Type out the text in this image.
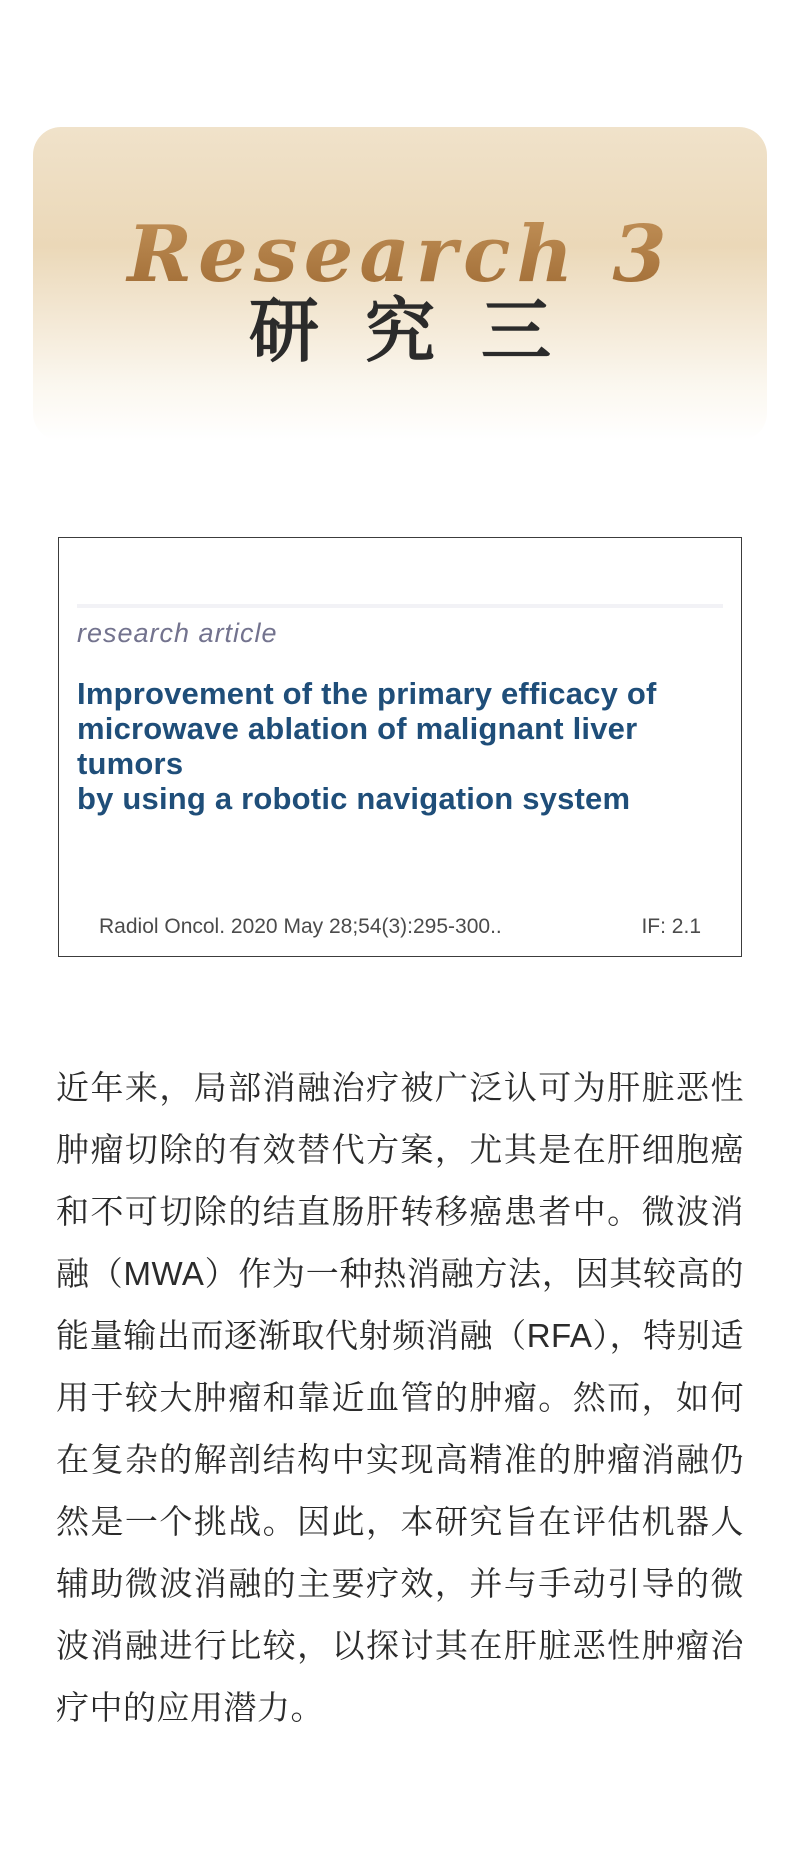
Research 3
研究三
research article
Improvement of the primary efficacy of
microwave ablation of malignant liver tumors
by using a robotic navigation system
Radiol Oncol. 2020 May 28;54(3):295-300..	IF: 2.1
近年来，局部消融治疗被广泛认可为肝脏恶性肿瘤切除的有效替代方案，尤其是在肝细胞癌和不可切除的结直肠肝转移癌患者中。微波消融（MWA）作为一种热消融方法，因其较高的能量输出而逐渐取代射频消融（RFA），特别适用于较大肿瘤和靠近血管的肿瘤。然而，如何在复杂的解剖结构中实现高精准的肿瘤消融仍然是一个挑战。因此，本研究旨在评估机器人辅助微波消融的主要疗效，并与手动引导的微波消融进行比较，以探讨其在肝脏恶性肿瘤治疗中的应用潜力。
